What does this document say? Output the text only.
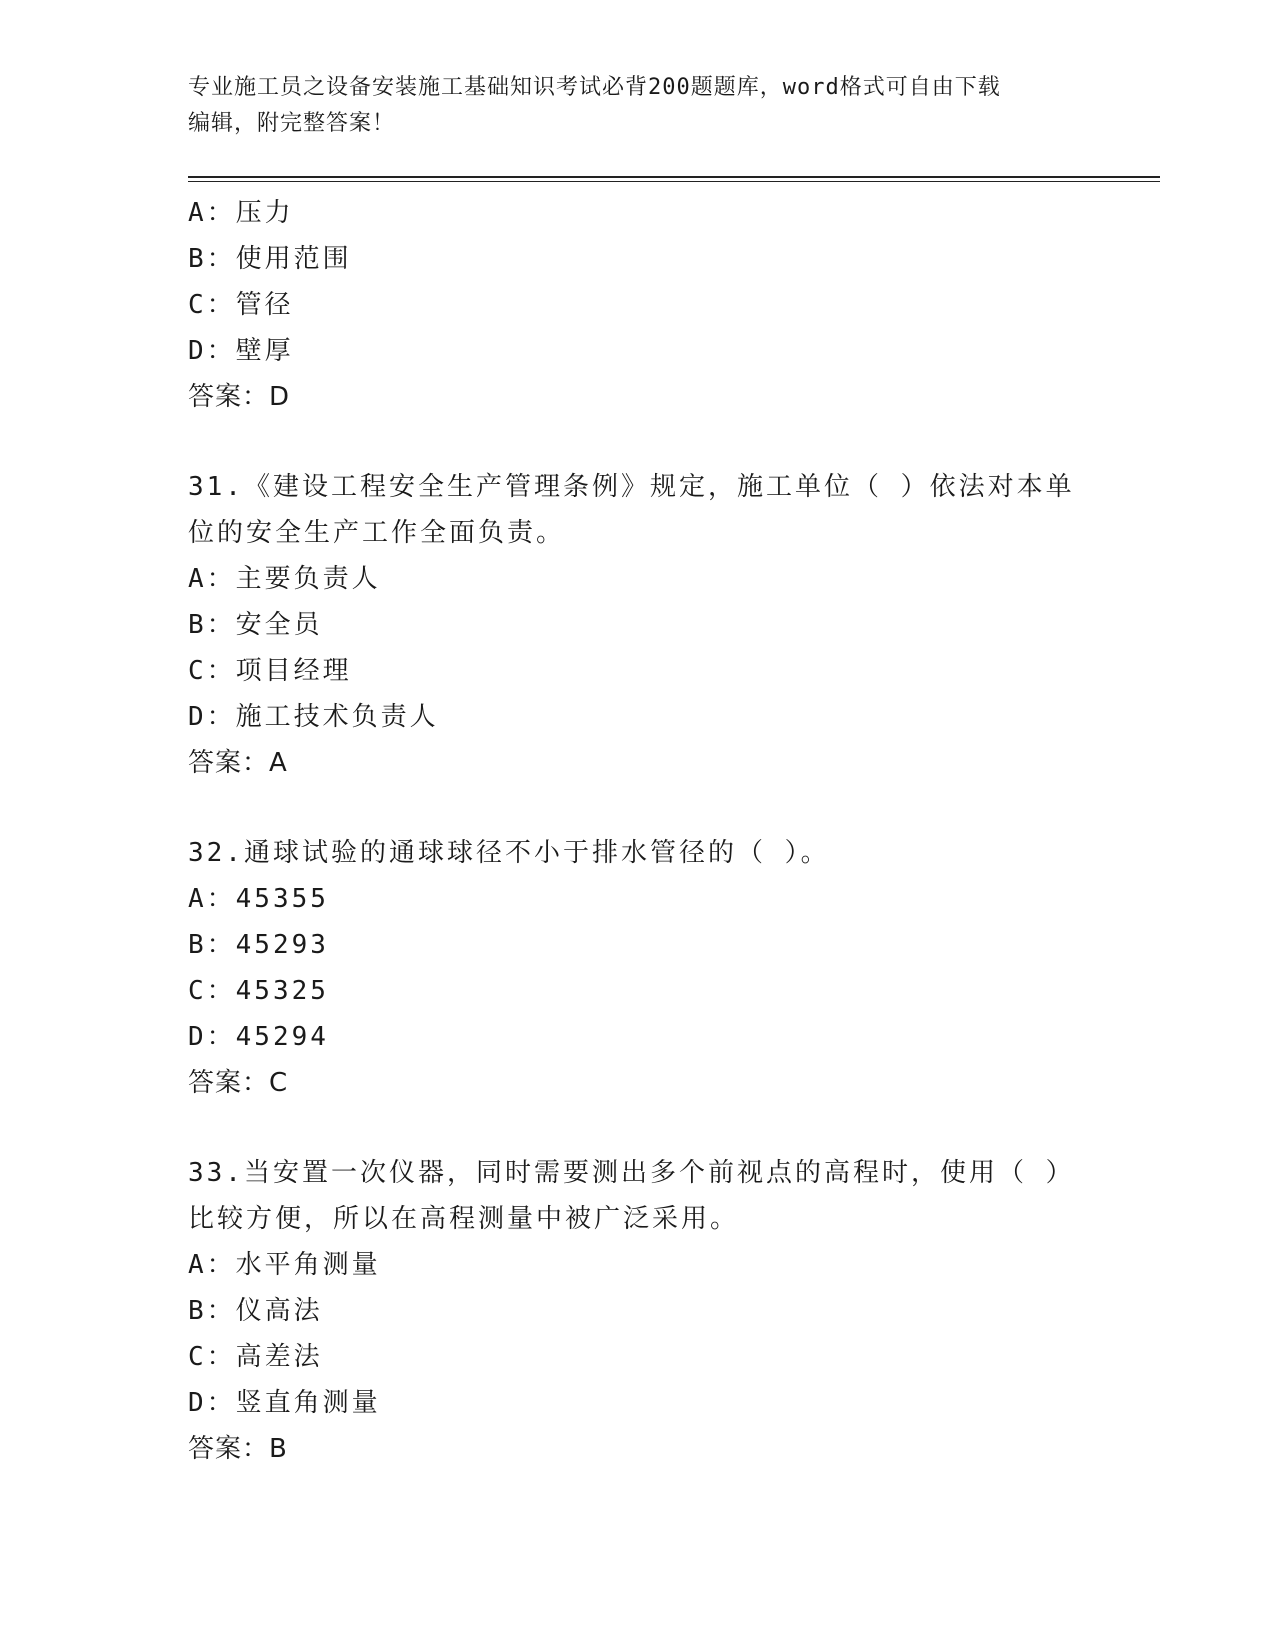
专业施工员之设备安装施工基础知识考试必背200题题库，word格式可自由下载
编辑，附完整答案！
A：压力
B：使用范围
C：管径
D：壁厚
答案：D
31.《建设工程安全生产管理条例》规定，施工单位（ ）依法对本单
位的安全生产工作全面负责。
A：主要负责人
B：安全员
C：项目经理
D：施工技术负责人
答案：A
32.通球试验的通球球径不小于排水管径的（ ）。
A：45355
B：45293
C：45325
D：45294
答案：C
33.当安置一次仪器，同时需要测出多个前视点的高程时，使用（ ）
比较方便，所以在高程测量中被广泛采用。
A：水平角测量
B：仪高法
C：高差法
D：竖直角测量
答案：B
